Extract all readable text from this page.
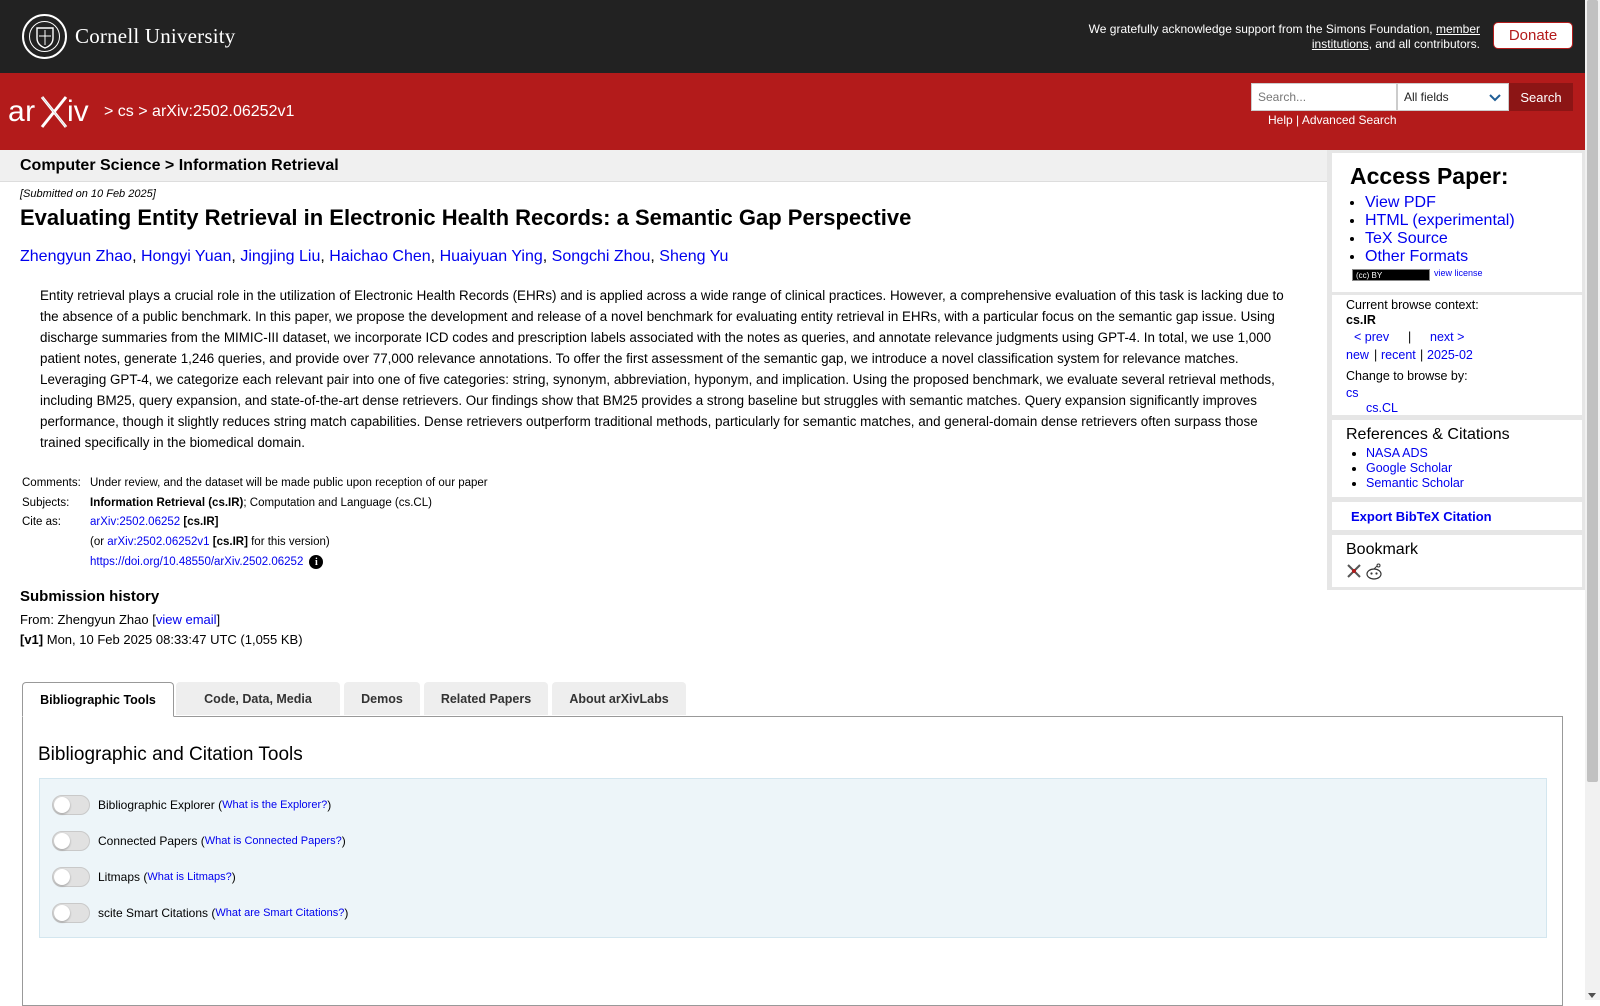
Cornell University	We gratefully acknowledge support from the Simons Foundation, member institutions, and all contributors.	Donate
ar iv > cs > arXiv:2502.06252v1
Search...
All fields	Search
Help | Advanced Search
Computer Science > Information Retrieval
[Submitted on 10 Feb 2025]
Evaluating Entity Retrieval in Electronic Health Records: a Semantic Gap Perspective
Zhengyun Zhao, Hongyi Yuan, Jingjing Liu, Haichao Chen, Huaiyuan Ying, Songchi Zhou, Sheng Yu
Entity retrieval plays a crucial role in the utilization of Electronic Health Records (EHRs) and is applied across a wide range of clinical practices. However, a comprehensive evaluation of this task is lacking due to the absence of a public benchmark. In this paper, we propose the development and release of a novel benchmark for evaluating entity retrieval in EHRs, with a particular focus on the semantic gap issue. Using discharge summaries from the MIMIC-III dataset, we incorporate ICD codes and prescription labels associated with the notes as queries, and annotate relevance judgments using GPT-4. In total, we use 1,000 patient notes, generate 1,246 queries, and provide over 77,000 relevance annotations. To offer the first assessment of the semantic gap, we introduce a novel classification system for relevance matches. Leveraging GPT-4, we categorize each relevant pair into one of five categories: string, synonym, abbreviation, hyponym, and implication. Using the proposed benchmark, we evaluate several retrieval methods, including BM25, query expansion, and state-of-the-art dense retrievers. Our findings show that BM25 provides a strong baseline but struggles with semantic matches. Query expansion significantly improves performance, though it slightly reduces string match capabilities. Dense retrievers outperform traditional methods, particularly for semantic matches, and general-domain dense retrievers often surpass those trained specifically in the biomedical domain.
Comments: Under review, and the dataset will be made public upon reception of our paper
Subjects:	Information Retrieval (cs.IR); Computation and Language (cs.CL)
Cite as:	arXiv:2502.06252 [cs.IR]
(or arXiv:2502.06252v1 [cs.IR] for this version)
https://doi.org/10.48550/arXiv.2502.06252 i
Submission history
From: Zhengyun Zhao [view email]
[v1] Mon, 10 Feb 2025 08:33:47 UTC (1,055 KB)
Bibliographic Tools	Code, Data, Media	Demos	Related Papers	About arXivLabs
Bibliographic and Citation Tools
Bibliographic Explorer ( What is the Explorer? )
Connected Papers ( What is Connected Papers? )
Litmaps ( What is Litmaps? )
scite Smart Citations ( What are Smart Citations? )
Access Paper:
• View PDF
• HTML (experimental)
• TeX Source
• Other Formats
(cc) BY	view license
Current browse context:
cs.IR
< prev | next >
new | recent | 2025-02
Change to browse by:
cs
cs.CL
References & Citations
• NASA ADS
• Google Scholar
• Semantic Scholar
Export BibTeX Citation
Bookmark
